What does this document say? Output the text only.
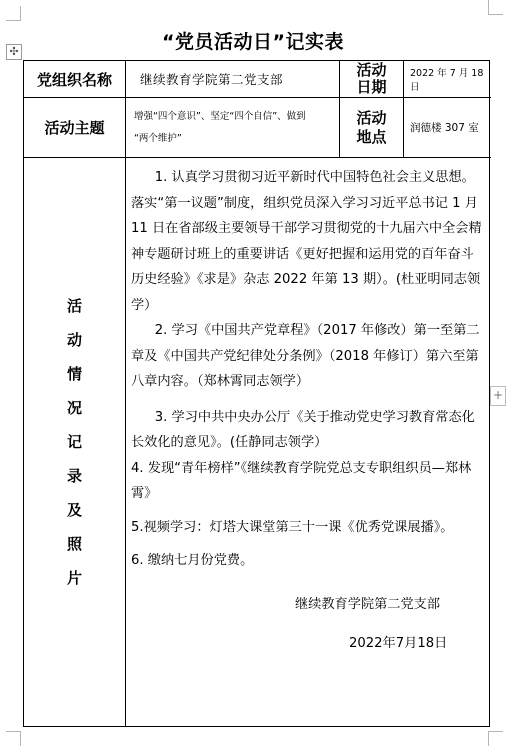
✣
+
“党员活动日”记实表
党组织名称	继续教育学院第二党支部
活动
日期
2022 年 7 月 18 日
活动主题
增强“四个意识”、坚定“四个自信”、做到
“两个维护”
活动
地点	润德楼 307 室
活
动
情
况
记
录
及
照
片

1. 认真学习贯彻习近平新时代中国特色社会主义思想。落实“第一议题”制度，组织党员深入学习习近平总书记 1 月 11 日在省部级主要领导干部学习贯彻党的十九届六中全会精神专题研讨班上的重要讲话《更好把握和运用党的百年奋斗历史经验》《求是》杂志 2022 年第 13 期）。(杜亚明同志领学）

2. 学习《中国共产党章程》（2017 年修改）第一至第二章及《中国共产党纪律处分条例》（2018 年修订）第六至第八章内容。（郑林霄同志领学）

3. 学习中共中央办公厅《关于推动党史学习教育常态化长效化的意见》。(任静同志领学）

4. 发现“青年榜样”《继续教育学院党总支专职组织员—郑林霄》

5.视频学习：灯塔大课堂第三十一课《优秀党课展播》。

6. 缴纳七月份党费。

继续教育学院第二党支部

2022年7月18日
